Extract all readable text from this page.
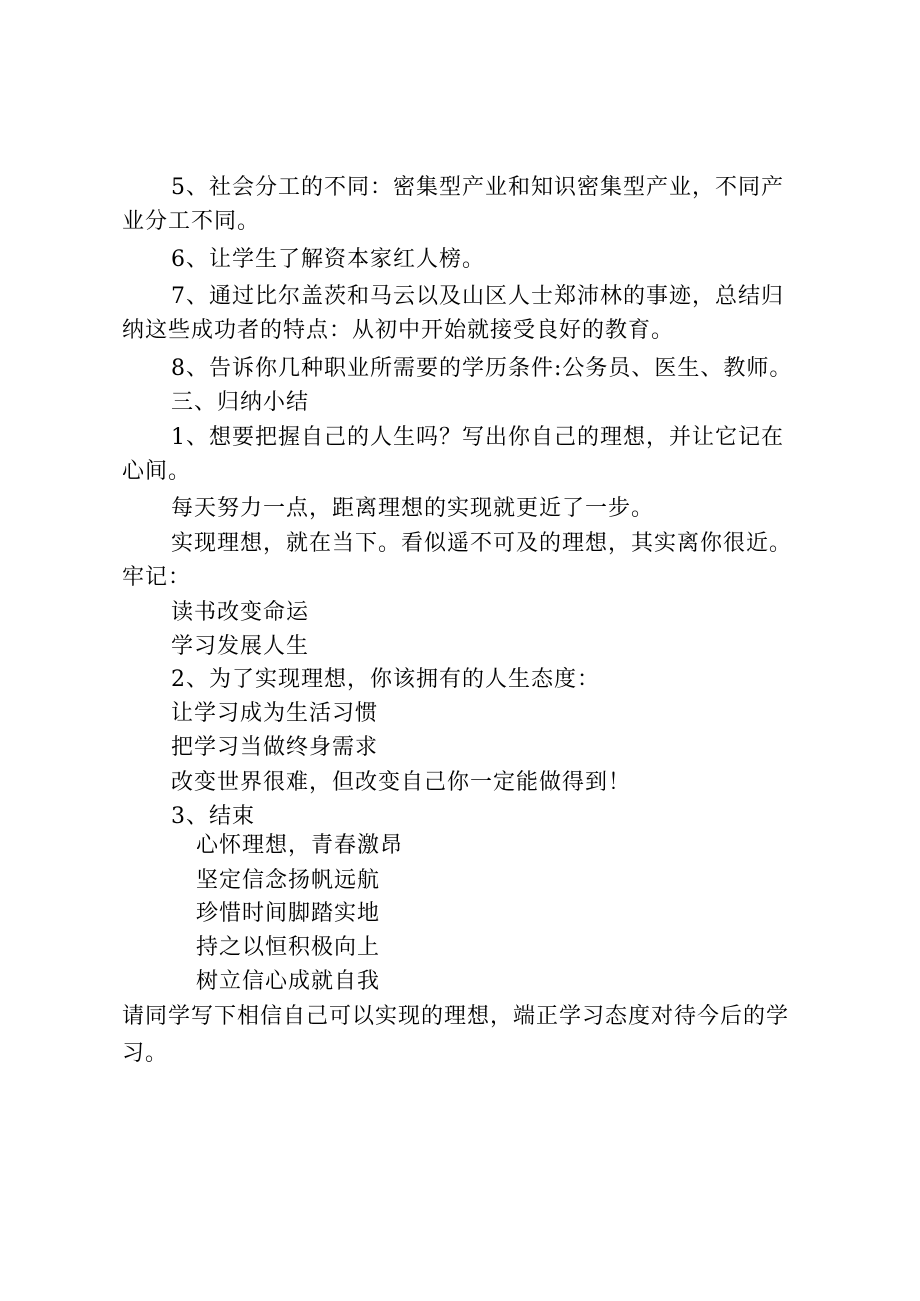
5、社会分工的不同：密集型产业和知识密集型产业，不同产
业分工不同。
6、让学生了解资本家红人榜。
7、通过比尔盖茨和马云以及山区人士郑沛林的事迹，总结归
纳这些成功者的特点：从初中开始就接受良好的教育。
8、告诉你几种职业所需要的学历条件:公务员、医生、教师。
三、归纳小结
1、想要把握自己的人生吗？写出你自己的理想，并让它记在
心间。
每天努力一点，距离理想的实现就更近了一步。
实现理想，就在当下。看似遥不可及的理想，其实离你很近。
牢记：
读书改变命运
学习发展人生
2、为了实现理想，你该拥有的人生态度：
让学习成为生活习惯
把学习当做终身需求
改变世界很难，但改变自己你一定能做得到！
3、结束
心怀理想，青春激昂
坚定信念扬帆远航
珍惜时间脚踏实地
持之以恒积极向上
树立信心成就自我
请同学写下相信自己可以实现的理想，端正学习态度对待今后的学
习。
